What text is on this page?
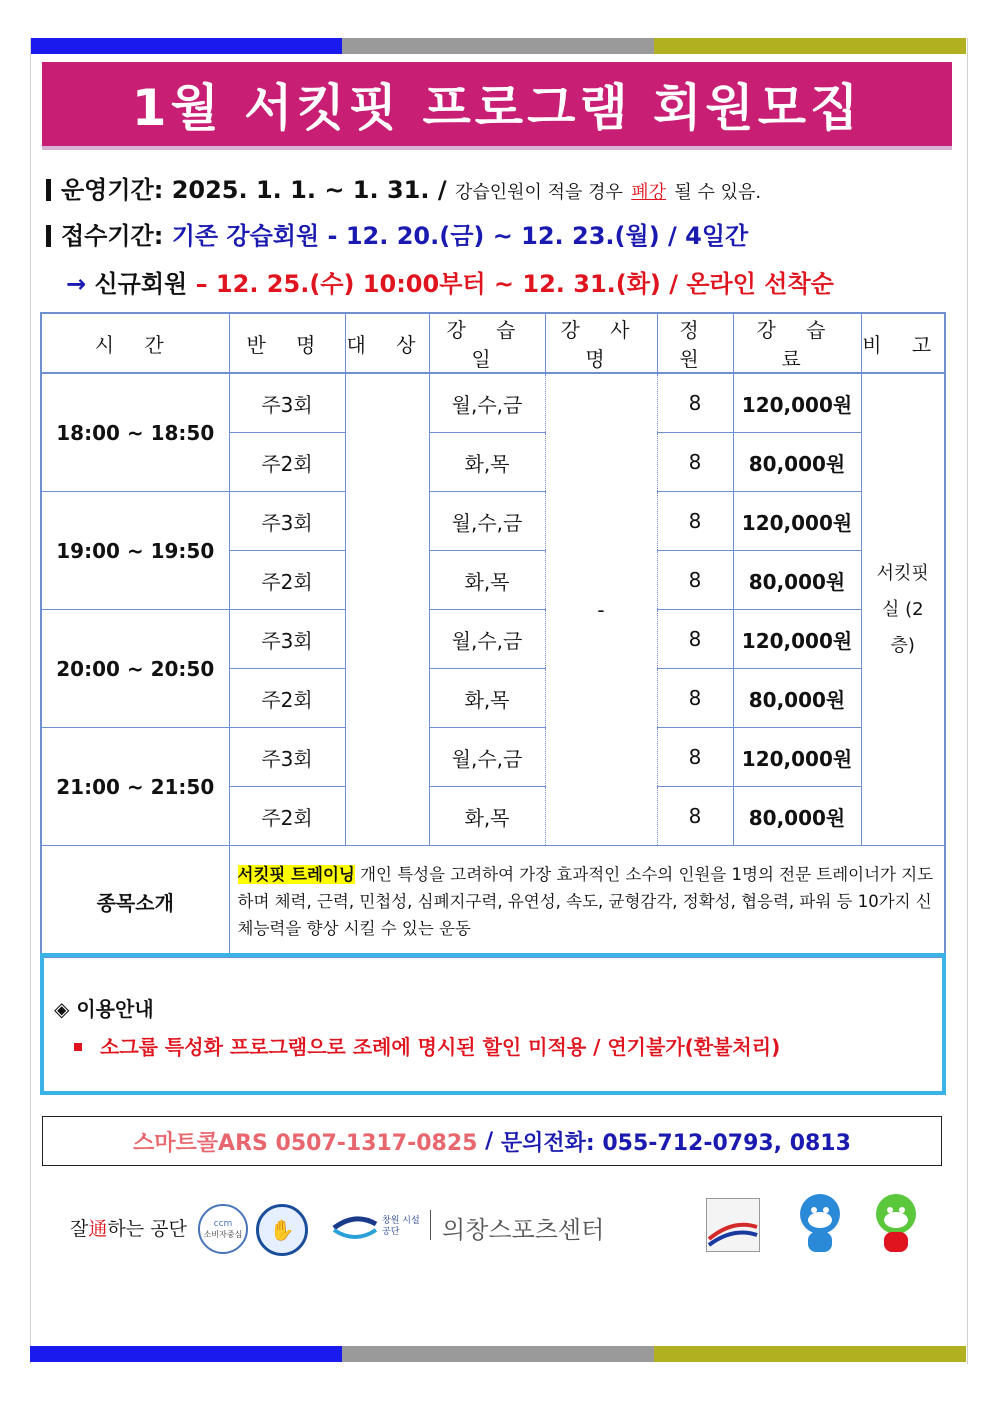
1월 서킷핏 프로그램 회원모집
운영기간: 2025. 1. 1. ~ 1. 31. / 강습인원이 적을 경우 폐강 될 수 있음.
접수기간: 기존 강습회원 - 12. 20.(금) ~ 12. 23.(월) / 4일간
→ 신규회원 – 12. 25.(수) 10:00부터 ~ 12. 31.(화) / 온라인 선착순
시 간	반 명	대 상	강 습 일	강 사 명	정 원	강 습 료	비 고
18:00 ~ 18:50	주3회		월,수,금	-	8	120,000원	서킷핏실 (2층)

	주2회		화,목		8	80,000원	
19:00 ~ 19:50	주3회		월,수,금		8	120,000원	
	주2회		화,목		8	80,000원	
20:00 ~ 20:50	주3회		월,수,금		8	120,000원	
	주2회		화,목		8	80,000원	
21:00 ~ 21:50	주3회		월,수,금		8	120,000원	
	주2회		화,목		8	80,000원	
종목소개	서킷핏 트레이닝 개인 특성을 고려하여 가장 효과적인 소수의 인원을 1명의 전문 트레이너가 지도하며 체력, 근력, 민첩성, 심폐지구력, 유연성, 속도, 균형감각, 정확성, 협응력, 파워 등 10가지 신체능력을 향상 시킬 수 있는 운동						
◈ 이용안내
소그룹 특성화 프로그램으로 조례에 명시된 할인 미적용 / 연기불가(환불처리)
스마트콜ARS 0507-1317-0825
/
문의전화: 055-712-0793, 0813
잘通하는 공단	ccm
소비자중심 ✋	창원 시설공단	의창스포츠센터
